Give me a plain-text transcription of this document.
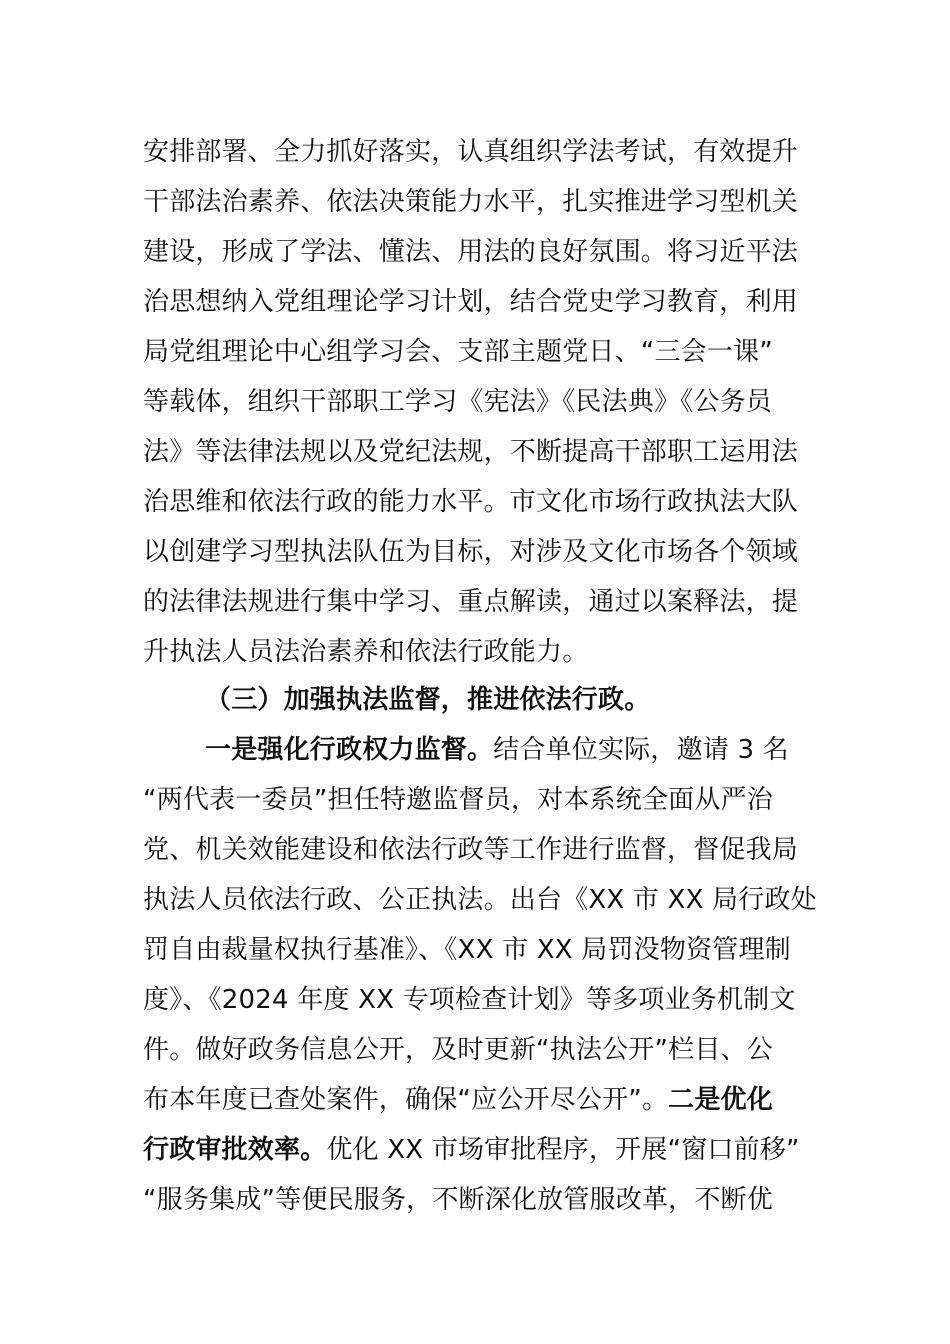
安排部署、全力抓好落实，认真组织学法考试，有效提升
干部法治素养、依法决策能力水平，扎实推进学习型机关
建设，形成了学法、懂法、用法的良好氛围。将习近平法
治思想纳入党组理论学习计划，结合党史学习教育，利用
局党组理论中心组学习会、支部主题党日、“三会一课”
等载体，组织干部职工学习《宪法》《民法典》《公务员
法》等法律法规以及党纪法规，不断提高干部职工运用法
治思维和依法行政的能力水平。市文化市场行政执法大队
以创建学习型执法队伍为目标，对涉及文化市场各个领域
的法律法规进行集中学习、重点解读，通过以案释法，提
升执法人员法治素养和依法行政能力。
（三）加强执法监督，推进依法行政。
一是强化行政权力监督。结合单位实际，邀请 3 名
“两代表一委员”担任特邀监督员，对本系统全面从严治
党、机关效能建设和依法行政等工作进行监督，督促我局
执法人员依法行政、公正执法。出台《XX 市 XX 局行政处
罚自由裁量权执行基准》、《XX 市 XX 局罚没物资管理制
度》、《2024 年度 XX 专项检查计划》等多项业务机制文
件。做好政务信息公开，及时更新“执法公开”栏目、公
布本年度已查处案件，确保“应公开尽公开”。二是优化
行政审批效率。优化 XX 市场审批程序，开展“窗口前移”
“服务集成”等便民服务，不断深化放管服改革，不断优
